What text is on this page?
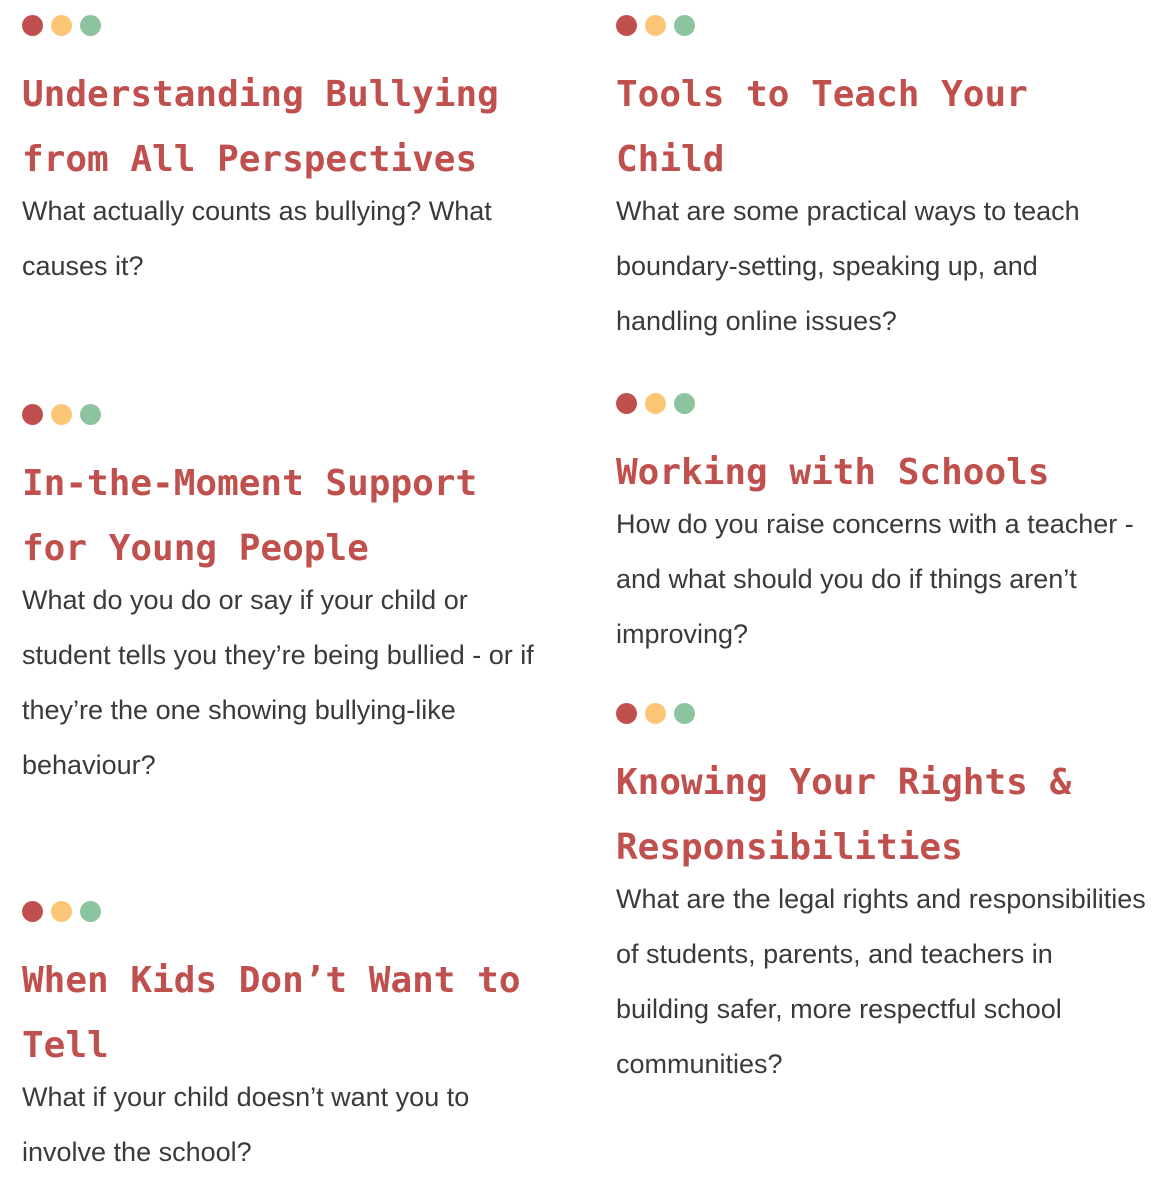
Understanding Bullying from All Perspectives

What actually counts as bullying? What causes it?

In-the-Moment Support for Young People

What do you do or say if your child or student tells you they’re being bullied - or if they’re the one showing bullying-like behaviour?

When Kids Don’t Want to Tell

What if your child doesn’t want you to involve the school?

Tools to Teach Your Child

What are some practical ways to teach boundary-setting, speaking up, and handling online issues?

Working with Schools

How do you raise concerns with a teacher - and what should you do if things aren’t improving?

Knowing Your Rights & Responsibilities

What are the legal rights and responsibilities of students, parents, and teachers in building safer, more respectful school communities?
